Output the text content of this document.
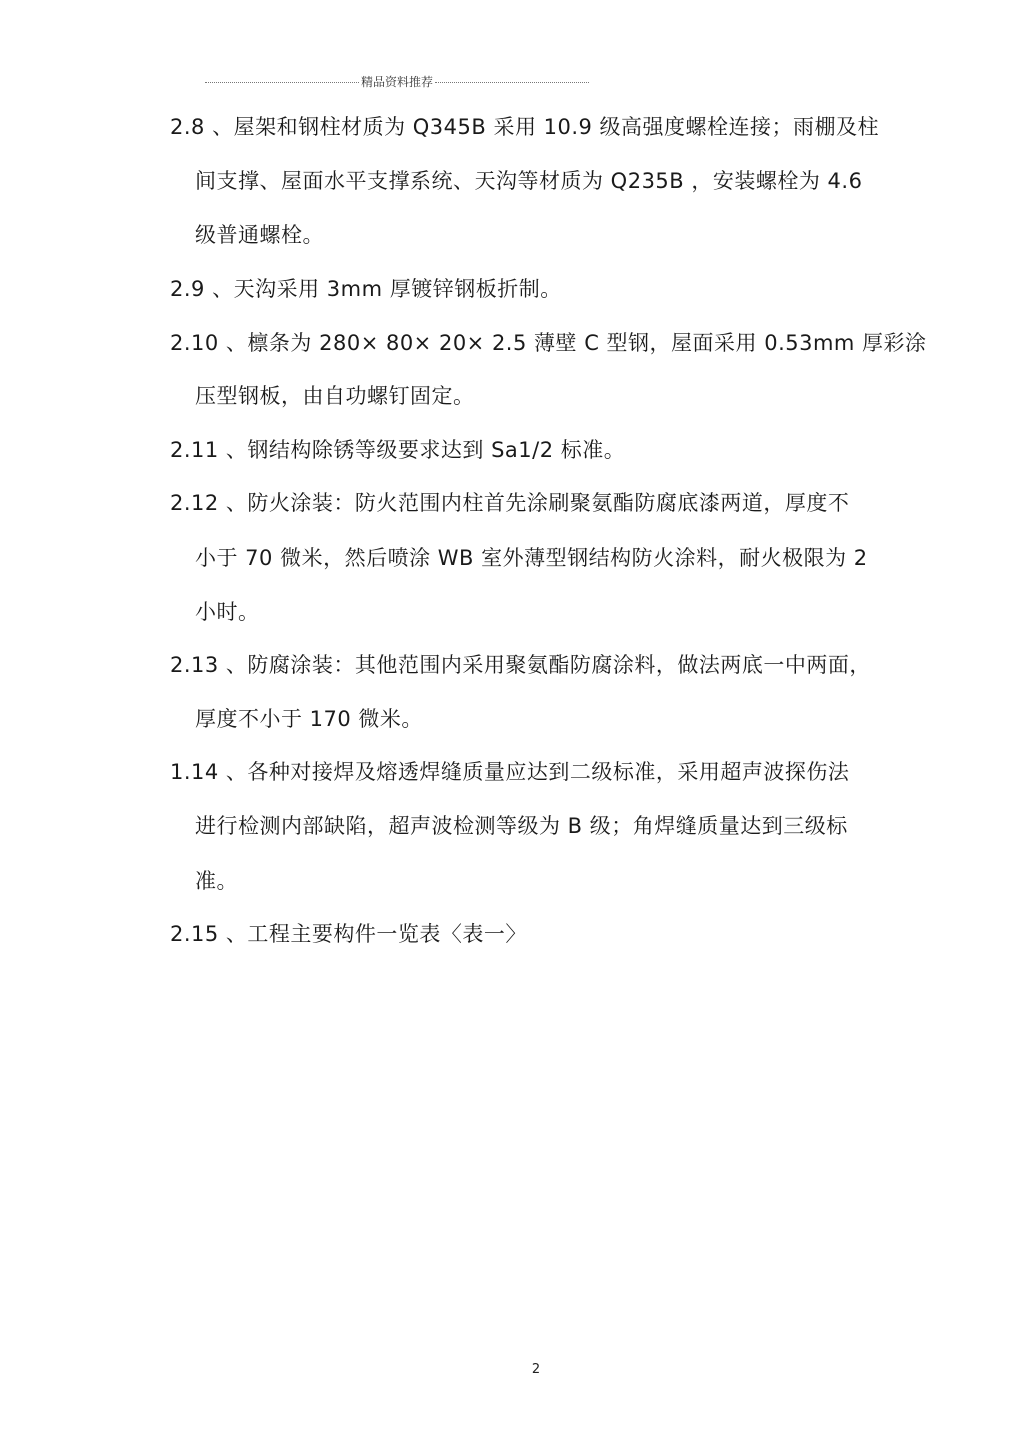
精品资料推荐
2.8 、屋架和钢柱材质为 Q345B 采用 10.9 级高强度螺栓连接；雨棚及柱
间支撑、屋面水平支撑系统、天沟等材质为 Q235B ，安装螺栓为 4.6
级普通螺栓。
2.9 、天沟采用 3mm 厚镀锌钢板折制。
2.10 、檩条为 280× 80× 20× 2.5 薄壁 C 型钢，屋面采用 0.53mm 厚彩涂
压型钢板，由自功螺钉固定。
2.11 、钢结构除锈等级要求达到 Sa1/2 标准。
2.12 、防火涂装：防火范围内柱首先涂刷聚氨酯防腐底漆两道，厚度不
小于 70 微米，然后喷涂 WB 室外薄型钢结构防火涂料，耐火极限为 2
小时。
2.13 、防腐涂装：其他范围内采用聚氨酯防腐涂料，做法两底一中两面，
厚度不小于 170 微米。
1.14 、各种对接焊及熔透焊缝质量应达到二级标准，采用超声波探伤法
进行检测内部缺陷，超声波检测等级为 B 级；角焊缝质量达到三级标
准。
2.15 、工程主要构件一览表〈表一〉
2
